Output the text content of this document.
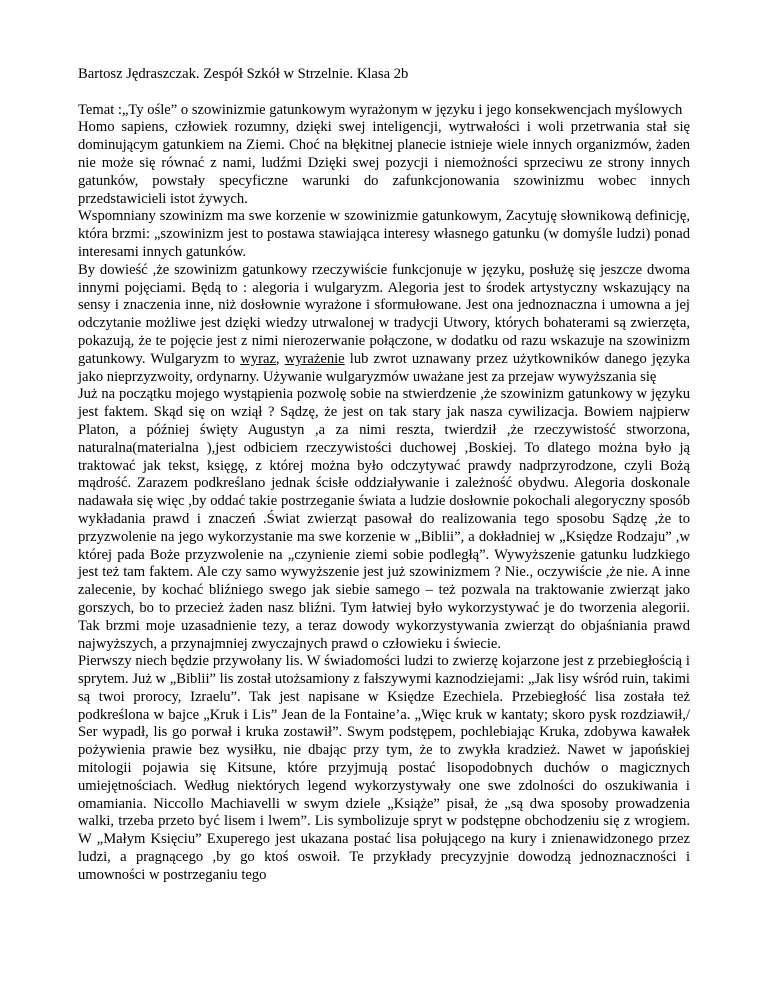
Bartosz Jędraszczak. Zespół Szkół w Strzelnie. Klasa 2b

Temat :„Ty ośle” o szowinizmie gatunkowym wyrażonym w języku i jego konsekwencjach myślowych

Homo sapiens, człowiek rozumny, dzięki swej inteligencji, wytrwałości i woli przetrwania stał się dominującym gatunkiem na Ziemi. Choć na błękitnej planecie istnieje wiele innych organizmów, żaden nie może się równać z nami, ludźmi Dzięki swej pozycji i niemożności sprzeciwu ze strony innych gatunków, powstały specyficzne warunki do zafunkcjonowania szowinizmu wobec innych przedstawicieli istot żywych.

Wspomniany szowinizm ma swe korzenie w szowinizmie gatunkowym, Zacytuję słownikową definicję, która brzmi: „szowinizm jest to postawa stawiająca interesy własnego gatunku (w domyśle ludzi) ponad interesami innych gatunków.

By dowieść ,że szowinizm gatunkowy rzeczywiście funkcjonuje w języku, posłużę się jeszcze dwoma innymi pojęciami. Będą to : alegoria i wulgaryzm. Alegoria jest to środek artystyczny wskazujący na sensy i znaczenia inne, niż dosłownie wyrażone i sformułowane. Jest ona jednoznaczna i umowna a jej odczytanie możliwe jest dzięki wiedzy utrwalonej w tradycji Utwory, których bohaterami są zwierzęta, pokazują, że te pojęcie jest z nimi nierozerwanie połączone, w dodatku od razu wskazuje na szowinizm gatunkowy. Wulgaryzm to wyraz, wyrażenie lub zwrot uznawany przez użytkowników danego języka jako nieprzyzwoity, ordynarny. Używanie wulgaryzmów uważane jest za przejaw wywyższania się

Już na początku mojego wystąpienia pozwolę sobie na stwierdzenie ,że szowinizm gatunkowy w języku jest faktem. Skąd się on wziął ? Sądzę, że jest on tak stary jak nasza cywilizacja. Bowiem najpierw Platon, a później święty Augustyn ,a za nimi reszta, twierdził ,że rzeczywistość stworzona, naturalna(materialna ),jest odbiciem rzeczywistości duchowej ,Boskiej. To dlatego można było ją traktować jak tekst, księgę, z której można było odczytywać prawdy nadprzyrodzone, czyli Bożą mądrość. Zarazem podkreślano jednak ścisłe oddziaływanie i zależność obydwu. Alegoria doskonale nadawała się więc ,by oddać takie postrzeganie świata a ludzie dosłownie pokochali alegoryczny sposób wykładania prawd i znaczeń .Świat zwierząt pasował do realizowania tego sposobu Sądzę ,że to przyzwolenie na jego wykorzystanie ma swe korzenie w „Biblii”, a dokładniej w „Księdze Rodzaju” ,w której pada Boże przyzwolenie na „czynienie ziemi sobie podległą”. Wywyższenie gatunku ludzkiego jest też tam faktem. Ale czy samo wywyższenie jest już szowinizmem ? Nie., oczywiście ,że nie. A inne zalecenie, by kochać bliźniego swego jak siebie samego – też pozwala na traktowanie zwierząt jako gorszych, bo to przecież żaden nasz bliźni. Tym łatwiej było wykorzystywać je do tworzenia alegorii. Tak brzmi moje uzasadnienie tezy, a teraz dowody wykorzystywania zwierząt do objaśniania prawd najwyższych, a przynajmniej zwyczajnych prawd o człowieku i świecie.

Pierwszy niech będzie przywołany lis. W świadomości ludzi to zwierzę kojarzone jest z przebiegłością i sprytem. Już w „Biblii” lis został utożsamiony z fałszywymi kaznodziejami: „Jak lisy wśród ruin, takimi są twoi prorocy, Izraelu”. Tak jest napisane w Księdze Ezechiela. Przebiegłość lisa została też podkreślona w bajce „Kruk i Lis” Jean de la Fontaine’a. „Więc kruk w kantaty; skoro pysk rozdziawił,/ Ser wypadł, lis go porwał i kruka zostawił”. Swym podstępem, pochlebiając Kruka, zdobywa kawałek pożywienia prawie bez wysiłku, nie dbając przy tym, że to zwykła kradzież. Nawet w japońskiej mitologii pojawia się Kitsune, które przyjmują postać lisopodobnych duchów o magicznych umiejętnościach. Według niektórych legend wykorzystywały one swe zdolności do oszukiwania i omamiania. Niccollo Machiavelli w swym dziele „Książe” pisał, że „są dwa sposoby prowadzenia walki, trzeba przeto być lisem i lwem”. Lis symbolizuje spryt w podstępne obchodzeniu się z wrogiem. W „Małym Księciu” Exuperego jest ukazana postać lisa połującego na kury i znienawidzonego przez ludzi, a pragnącego ,by go ktoś oswoił. Te przykłady precyzyjnie dowodzą jednoznaczności i umowności w postrzeganiu tego
